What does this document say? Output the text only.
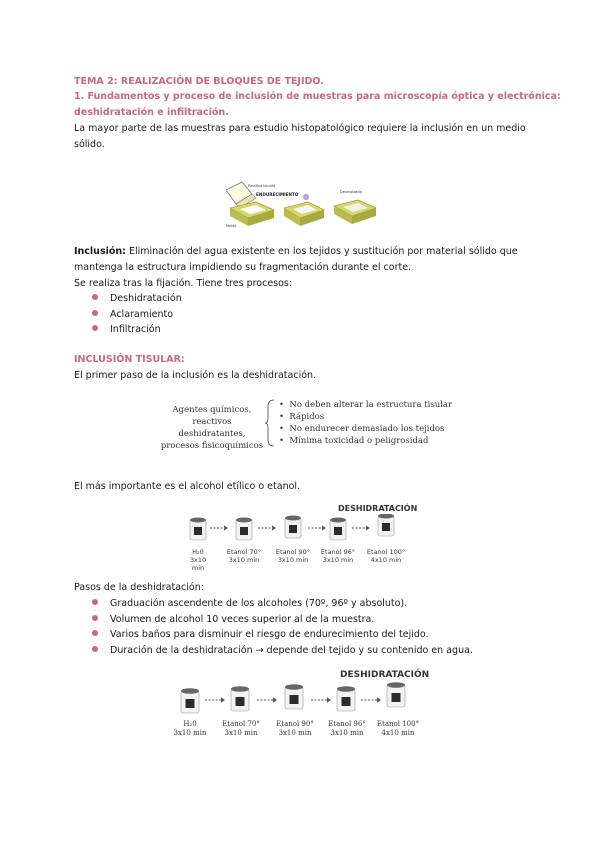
TEMA 2: REALIZACIÓN DE BLOQUES DE TEJIDO.
1. Fundamentos y proceso de inclusión de muestras para microscopía óptica y electrónica:
deshidratación e infiltración.
La mayor parte de las muestras para estudio histopatológico requiere la inclusión en un medio
sólido.
Parafina líquida
Molde
ENDURECIMIENTO	Desmoldado
Inclusión: Eliminación del agua existente en los tejidos y sustitución por material sólido que
mantenga la estructura impidiendo su fragmentación durante el corte.
Se realiza tras la fijación. Tiene tres procesos:
Deshidratación
Aclaramiento
Infiltración
INCLUSIÓN TISULAR:
El primer paso de la inclusión es la deshidratación.
Agentes químicos,
reactivos deshidratantes,
procesos fisicoquímicos
•  No deben alterar la estructura tisular
•  Rápidos
•  No endurecer demasiado los tejidos
•  Mínima toxicidad o peligrosidad
El más importante es el alcohol etílico o etanol.
DESHIDRATACIÓN
H₂0
3x10 min
Etanol 70°
3x10 min
Etanol 90°
3x10 min
Etanol 96°
3x10 min
Etanol 100°
4x10 min
Pasos de la deshidratación:
Graduación ascendente de los alcoholes (70º, 96º y absoluto).
Volumen de alcohol 10 veces superior al de la muestra.
Varios baños para disminuir el riesgo de endurecimiento del tejido.
Duración de la deshidratación → depende del tejido y su contenido en agua.
DESHIDRATACIÓN
H₂0
3x10 min
Etanol 70°
3x10 min
Etanol 90°
3x10 min
Etanol 96°
3x10 min
Etanol 100°
4x10 min
